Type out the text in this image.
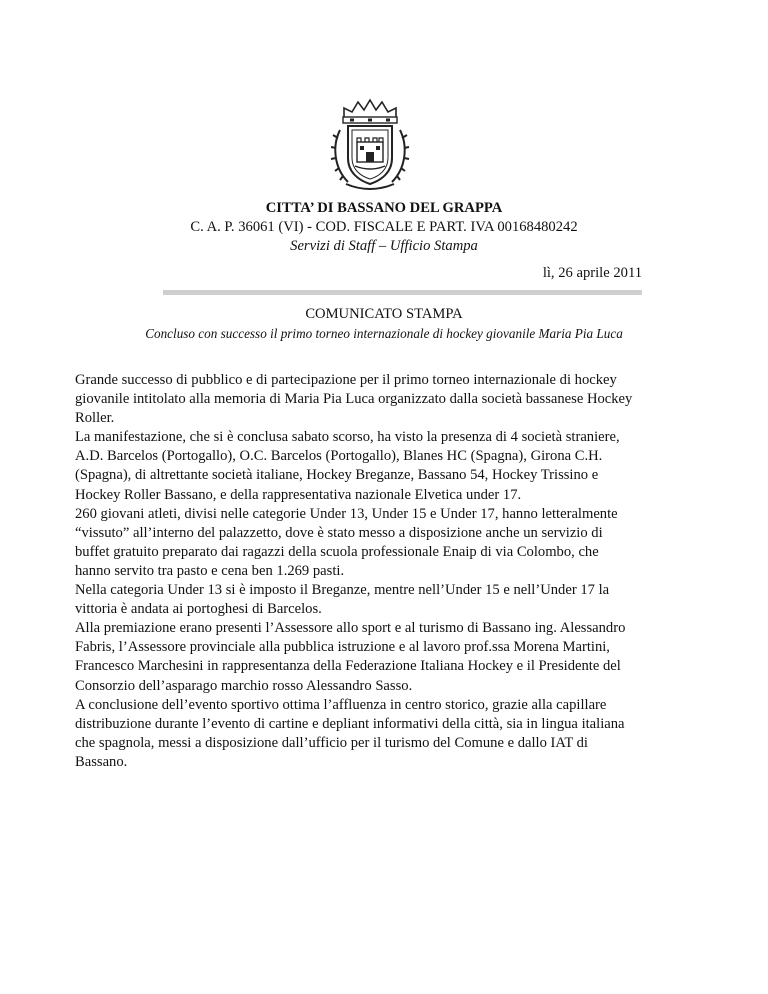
CITTA’ DI BASSANO DEL GRAPPA
C. A. P. 36061 (VI) - COD. FISCALE E PART. IVA 00168480242
Servizi di Staff – Ufficio Stampa
lì, 26 aprile 2011
COMUNICATO STAMPA
Concluso con successo il primo torneo internazionale di hockey giovanile Maria Pia Luca
Grande successo di pubblico e di partecipazione per il primo torneo internazionale di hockey
giovanile intitolato alla memoria di Maria Pia Luca organizzato dalla società bassanese Hockey
Roller.
La manifestazione, che si è conclusa sabato scorso, ha visto la presenza di 4 società straniere,
A.D. Barcelos (Portogallo), O.C. Barcelos (Portogallo), Blanes HC (Spagna), Girona C.H.
(Spagna), di altrettante società italiane, Hockey Breganze, Bassano 54, Hockey Trissino e
Hockey Roller Bassano, e della rappresentativa nazionale Elvetica under 17.
260 giovani atleti, divisi nelle categorie Under 13, Under 15 e Under 17, hanno letteralmente
“vissuto” all’interno del palazzetto, dove è stato messo a disposizione anche un servizio di
buffet gratuito preparato dai ragazzi della scuola professionale Enaip di via Colombo, che
hanno servito tra pasto e cena ben 1.269 pasti.
Nella categoria Under 13 si è imposto il Breganze, mentre nell’Under 15 e nell’Under 17 la
vittoria è andata ai portoghesi di Barcelos.
Alla premiazione erano presenti l’Assessore allo sport e al turismo di Bassano ing. Alessandro
Fabris, l’Assessore provinciale alla pubblica istruzione e al lavoro prof.ssa Morena Martini,
Francesco Marchesini in rappresentanza della Federazione Italiana Hockey e il Presidente del
Consorzio dell’asparago marchio rosso Alessandro Sasso.
A conclusione dell’evento sportivo ottima l’affluenza in centro storico, grazie alla capillare
distribuzione durante l’evento di cartine e depliant informativi della città, sia in lingua italiana
che spagnola, messi a disposizione dall’ufficio per il turismo del Comune e dallo IAT di
Bassano.
